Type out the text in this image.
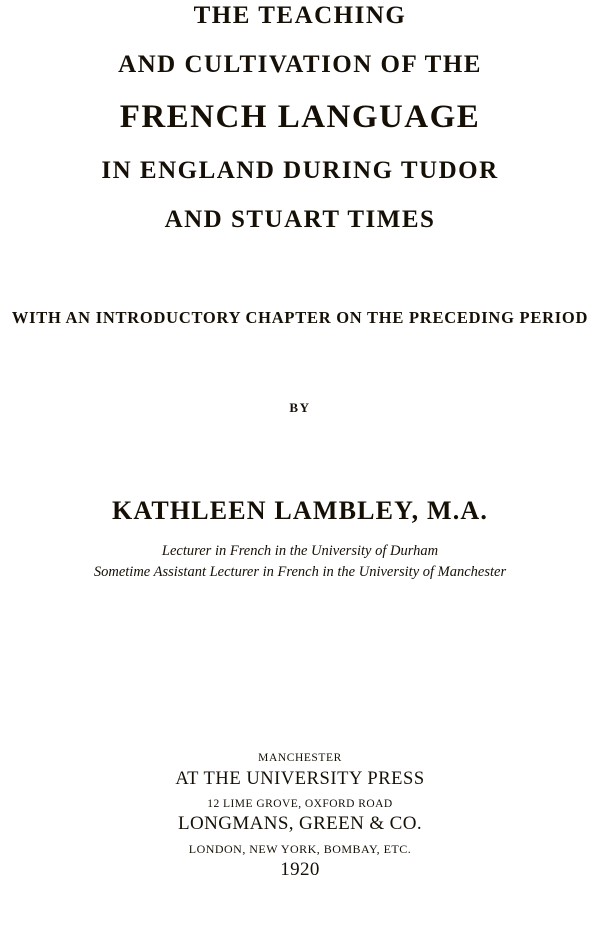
THE TEACHING
AND CULTIVATION OF THE
FRENCH LANGUAGE
IN ENGLAND DURING TUDOR
AND STUART TIMES
WITH AN INTRODUCTORY CHAPTER ON THE PRECEDING PERIOD
BY
KATHLEEN LAMBLEY, M.A.
Lecturer in French in the University of Durham
Sometime Assistant Lecturer in French in the University of Manchester
MANCHESTER
AT THE UNIVERSITY PRESS
12 LIME GROVE, OXFORD ROAD
LONGMANS, GREEN & CO.
LONDON, NEW YORK, BOMBAY, ETC.
1920
